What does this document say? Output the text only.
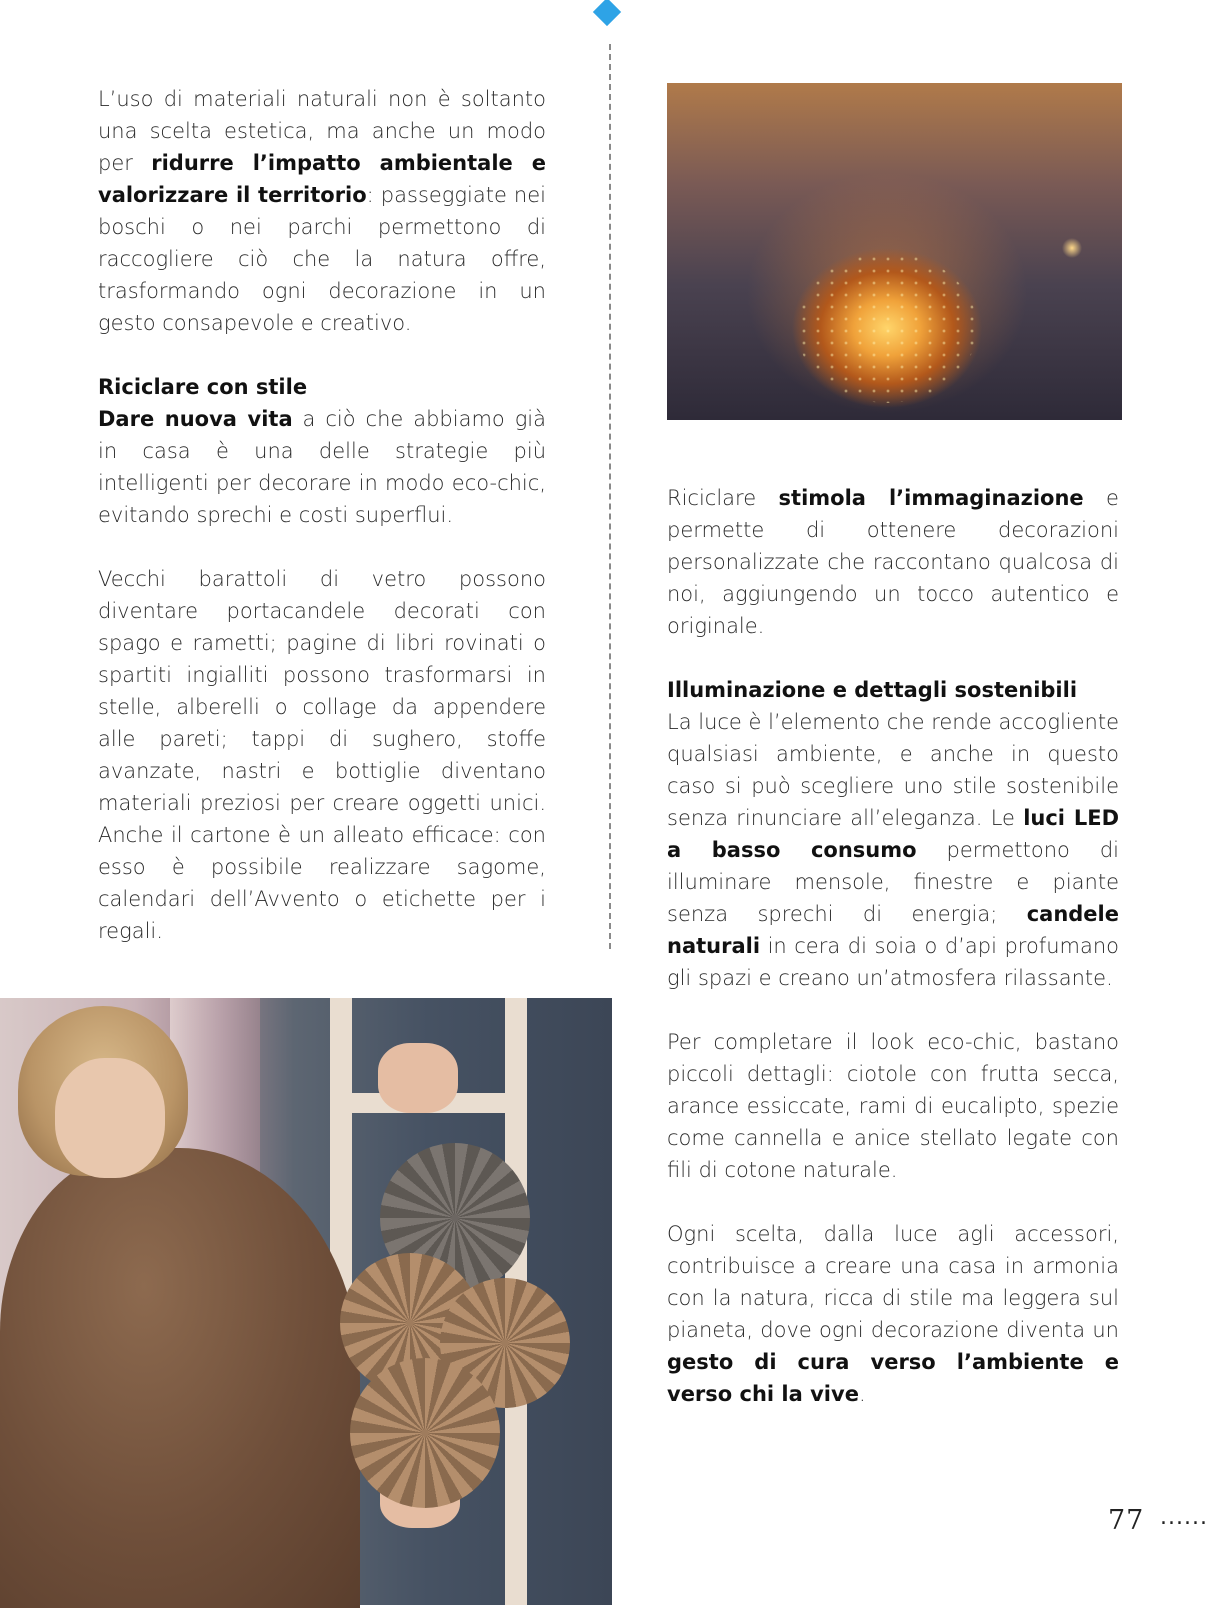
L’uso di materiali naturali non è soltanto una scelta estetica, ma anche un modo per ridurre l’impatto ambientale e valorizzare il territorio: passeggiate nei boschi o nei parchi permettono di raccogliere ciò che la natura offre, trasformando ogni decorazione in un gesto consapevole e creativo.

Riciclare con stile

Dare nuova vita a ciò che abbiamo già in casa è una delle strategie più intelligenti per decorare in modo eco-chic, evitando sprechi e costi superflui.

Vecchi barattoli di vetro possono diventare portacandele decorati con spago e rametti; pagine di libri rovinati o spartiti ingialliti possono trasformarsi in stelle, alberelli o collage da appendere alle pareti; tappi di sughero, stoffe avanzate, nastri e bottiglie diventano materiali preziosi per creare oggetti unici. Anche il cartone è un alleato efficace: con esso è possibile realizzare sagome, calendari dell’Avvento o etichette per i regali.

Riciclare stimola l’immaginazione e permette di ottenere decorazioni personalizzate che raccontano qualcosa di noi, aggiungendo un tocco autentico e originale.

Illuminazione e dettagli sostenibili

La luce è l’elemento che rende accogliente qualsiasi ambiente, e anche in questo caso si può scegliere uno stile sostenibile senza rinunciare all’eleganza. Le luci LED a basso consumo permettono di illuminare mensole, finestre e piante senza sprechi di energia; candele naturali in cera di soia o d’api profumano gli spazi e creano un’atmosfera rilassante.

Per completare il look eco-chic, bastano piccoli dettagli: ciotole con frutta secca, arance essiccate, rami di eucalipto, spezie come cannella e anice stellato legate con fili di cotone naturale.

Ogni scelta, dalla luce agli accessori, contribuisce a creare una casa in armonia con la natura, ricca di stile ma leggera sul pianeta, dove ogni decorazione diventa un gesto di cura verso l’ambiente e verso chi la vive.

77 ......
